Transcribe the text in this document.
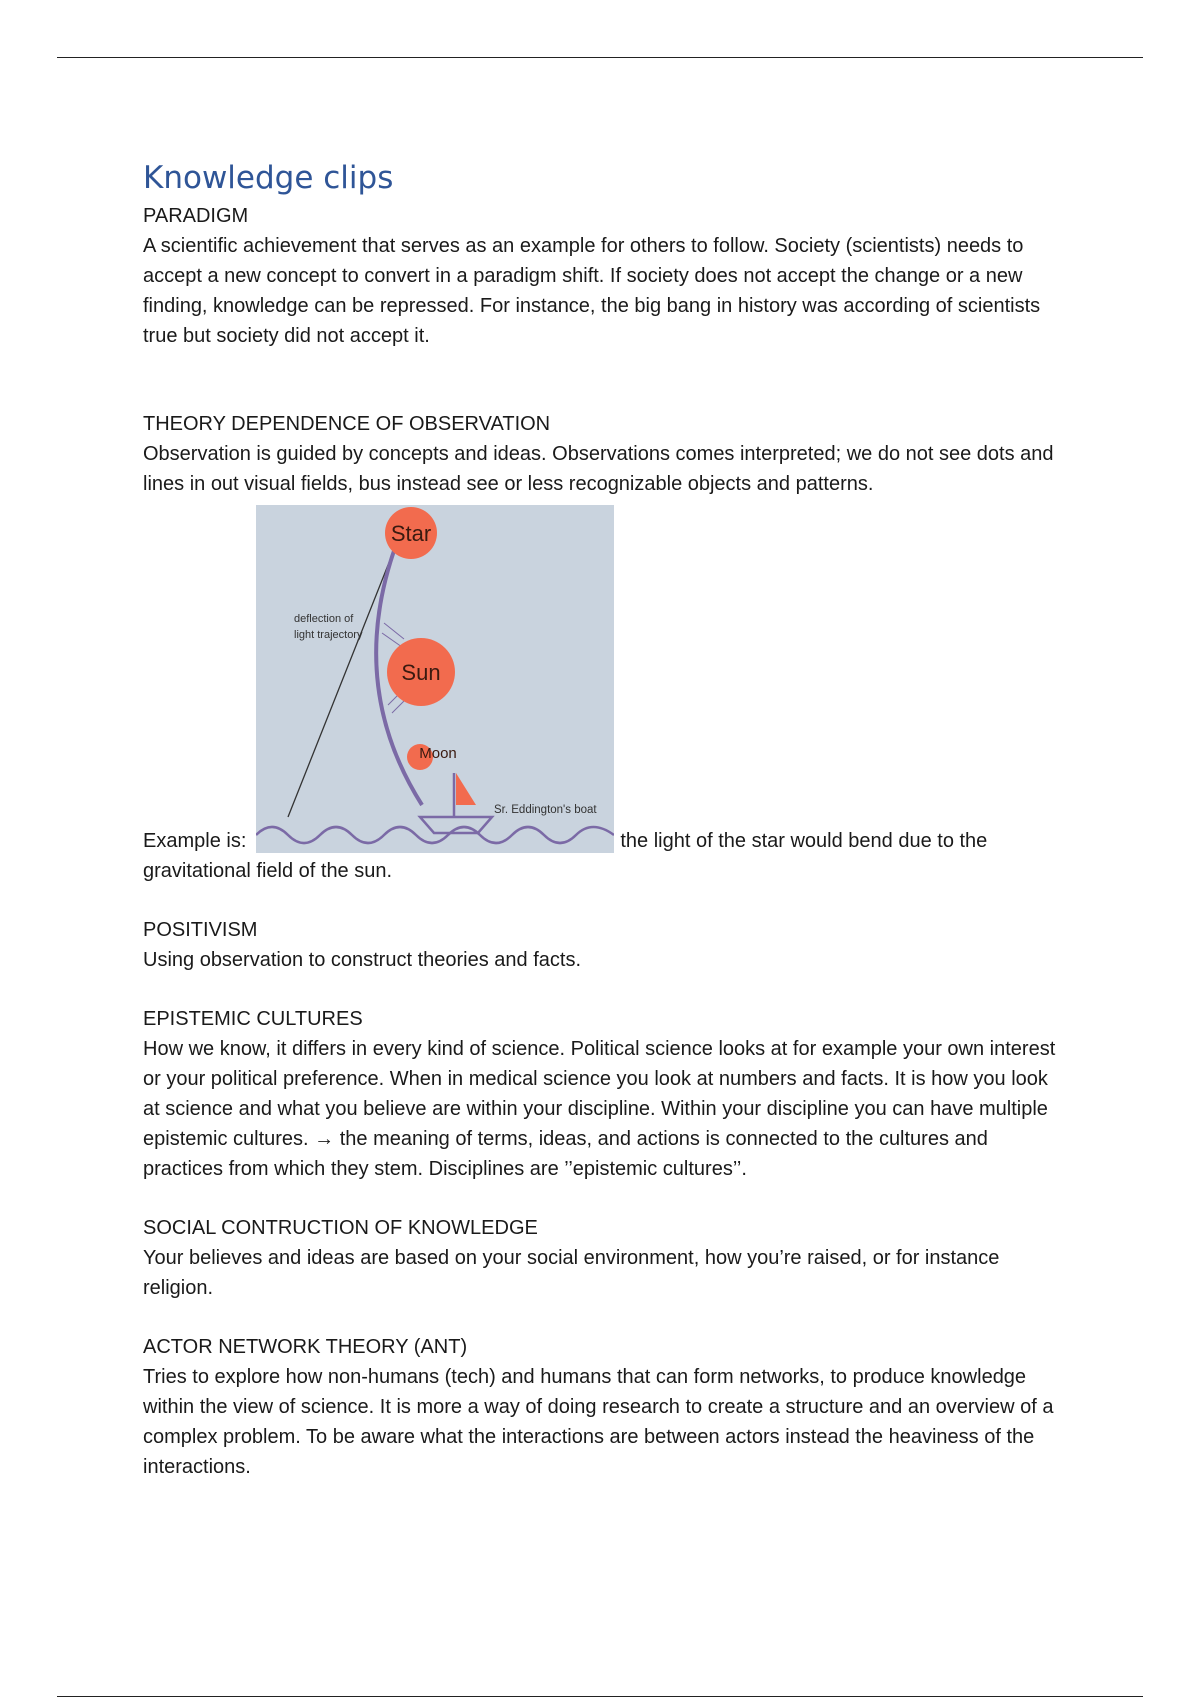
Knowledge clips

PARADIGM

A scientific achievement that serves as an example for others to follow. Society (scientists) needs to accept a new concept to convert in a paradigm shift. If society does not accept the change or a new finding, knowledge can be repressed. For instance, the big bang in history was according of scientists true but society did not accept it.

THEORY DEPENDENCE OF OBSERVATION

Observation is guided by concepts and ideas. Observations comes interpreted; we do not see dots and lines in out visual fields, bus instead see or less recognizable objects and patterns.

Example is:
Star
Sun
Moon
deflection of
light trajectory
Sr. Eddington's boat
the light of the star would bend due to the gravitational field of the sun.

POSITIVISM

Using observation to construct theories and facts.

EPISTEMIC CULTURES

How we know, it differs in every kind of science. Political science looks at for example your own interest or your political preference. When in medical science you look at numbers and facts. It is how you look at science and what you believe are within your discipline. Within your discipline you can have multiple epistemic cultures. → the meaning of terms, ideas, and actions is connected to the cultures and practices from which they stem. Disciplines are ’’epistemic cultures’’.

SOCIAL CONTRUCTION OF KNOWLEDGE

Your believes and ideas are based on your social environment, how you’re raised, or for instance religion.

ACTOR NETWORK THEORY (ANT)

Tries to explore how non-humans (tech) and humans that can form networks, to produce knowledge within the view of science. It is more a way of doing research to create a structure and an overview of a complex problem. To be aware what the interactions are between actors instead the heaviness of the interactions.
